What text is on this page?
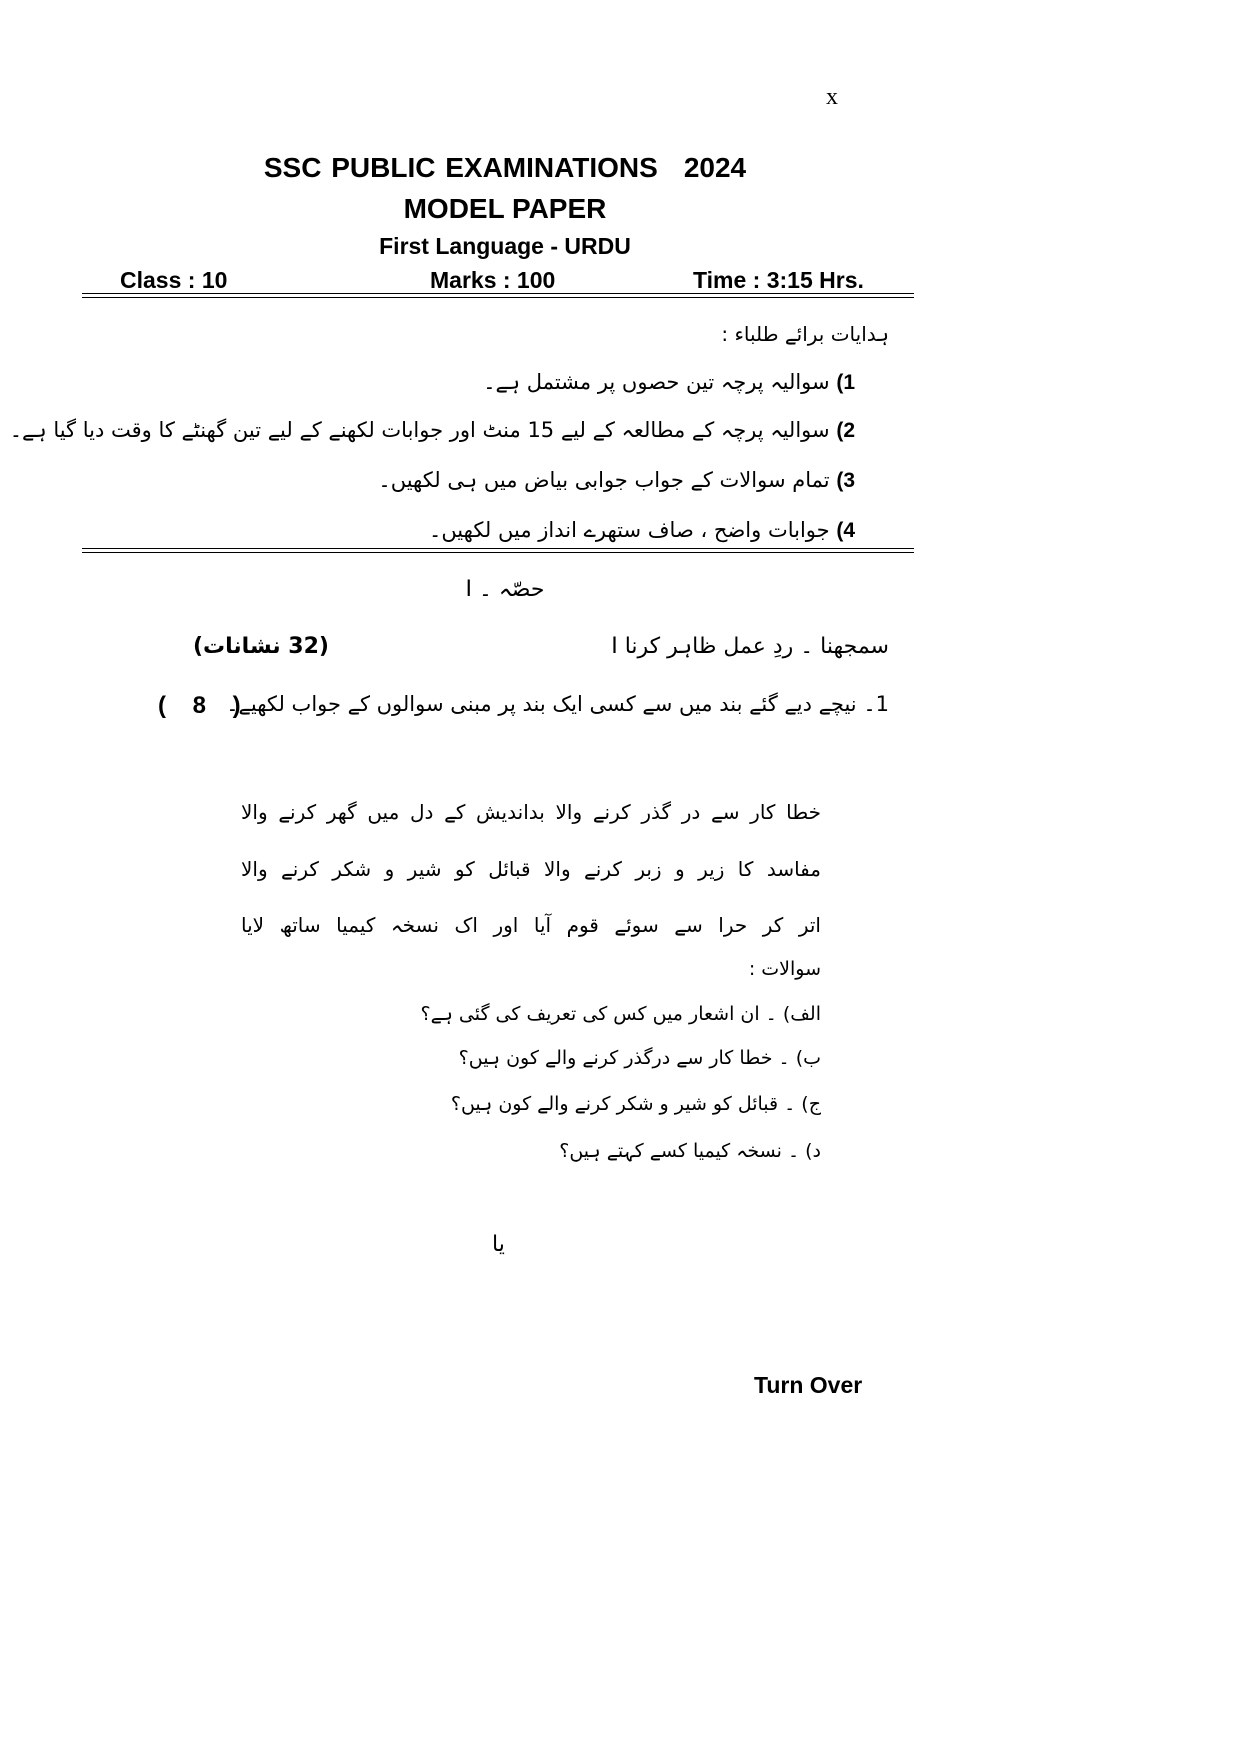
x
SSC PUBLIC EXAMINATIONS 2024
MODEL PAPER
First Language - URDU
Class : 10	Marks : 100	Time : 3:15 Hrs.
ہدایات برائے طلباء :
1) سوالیہ پرچہ تین حصوں پر مشتمل ہے۔
2) سوالیہ پرچہ کے مطالعہ کے لیے 15 منٹ اور جوابات لکھنے کے لیے تین گھنٹے کا وقت دیا گیا ہے۔
3) تمام سوالات کے جواب جوابی بیاض میں ہی لکھیں۔
4) جوابات واضح ، صاف ستھرے انداز میں لکھیں۔
حصّہ ۔ I
I سمجھنا ۔ ردِ عمل ظاہر کرنا
(32 نشانات)
1۔ نیچے دیے گئے بند میں سے کسی ایک بند پر مبنی سوالوں کے جواب لکھیے۔
( 8 )
خطا کار سے در گذر کرنے والا بداندیش کے دل میں گھر کرنے والا
مفاسد کا زیر و زبر کرنے والا قبائل کو شیر و شکر کرنے والا
اتر کر حرا سے سوئے قوم آیا اور اک نسخہ کیمیا ساتھ لایا
سوالات :
الف) ۔ ان اشعار میں کس کی تعریف کی گئی ہے؟
ب) ۔ خطا کار سے درگذر کرنے والے کون ہیں؟
ج) ۔ قبائل کو شیر و شکر کرنے والے کون ہیں؟
د) ۔ نسخہ کیمیا کسے کہتے ہیں؟
یا
Turn Over
